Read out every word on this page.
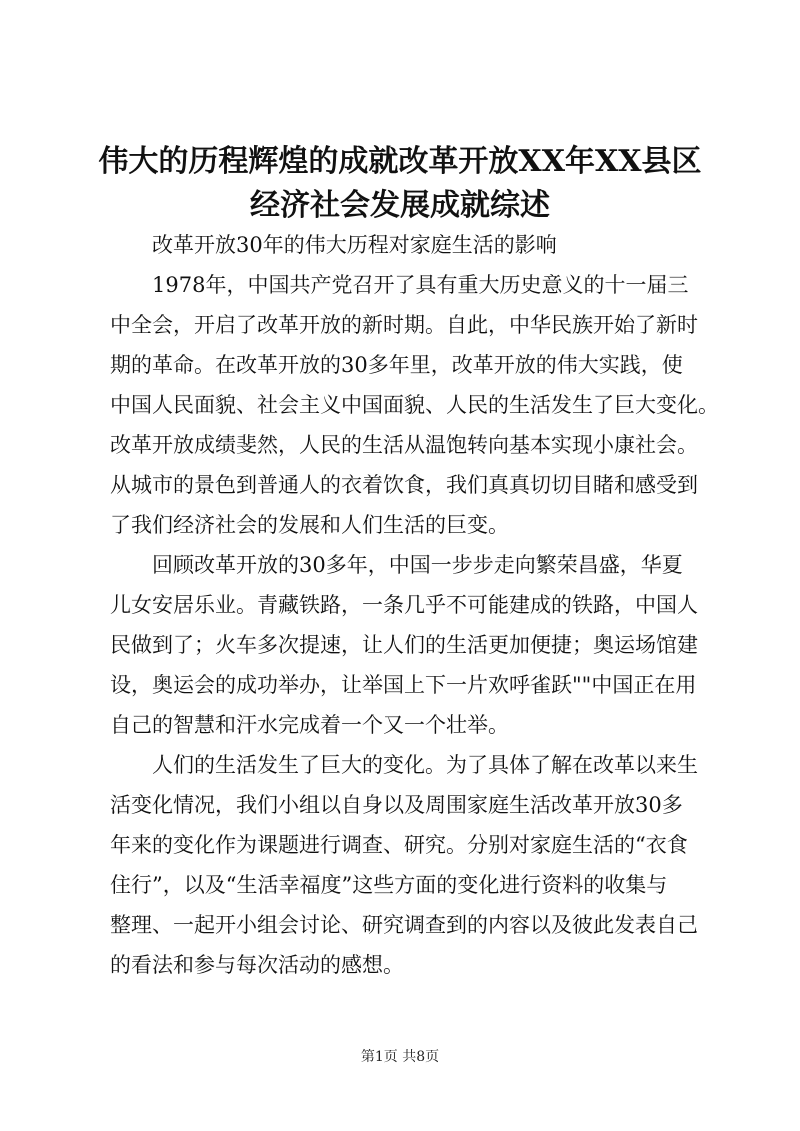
伟大的历程辉煌的成就改革开放XX年XX县区
经济社会发展成就综述
改革开放30年的伟大历程对家庭生活的影响
1978年，中国共产党召开了具有重大历史意义的十一届三
中全会，开启了改革开放的新时期。自此，中华民族开始了新时
期的革命。在改革开放的30多年里，改革开放的伟大实践，使
中国人民面貌、社会主义中国面貌、人民的生活发生了巨大变化。
改革开放成绩斐然，人民的生活从温饱转向基本实现小康社会。
从城市的景色到普通人的衣着饮食，我们真真切切目睹和感受到
了我们经济社会的发展和人们生活的巨变。
回顾改革开放的30多年，中国一步步走向繁荣昌盛，华夏
儿女安居乐业。青藏铁路，一条几乎不可能建成的铁路，中国人
民做到了；火车多次提速，让人们的生活更加便捷；奥运场馆建
设，奥运会的成功举办，让举国上下一片欢呼雀跃""中国正在用
自己的智慧和汗水完成着一个又一个壮举。
人们的生活发生了巨大的变化。为了具体了解在改革以来生
活变化情况，我们小组以自身以及周围家庭生活改革开放30多
年来的变化作为课题进行调查、研究。分别对家庭生活的“衣食
住行”，以及“生活幸福度”这些方面的变化进行资料的收集与
整理、一起开小组会讨论、研究调查到的内容以及彼此发表自己
的看法和参与每次活动的感想。
第1页 共8页
